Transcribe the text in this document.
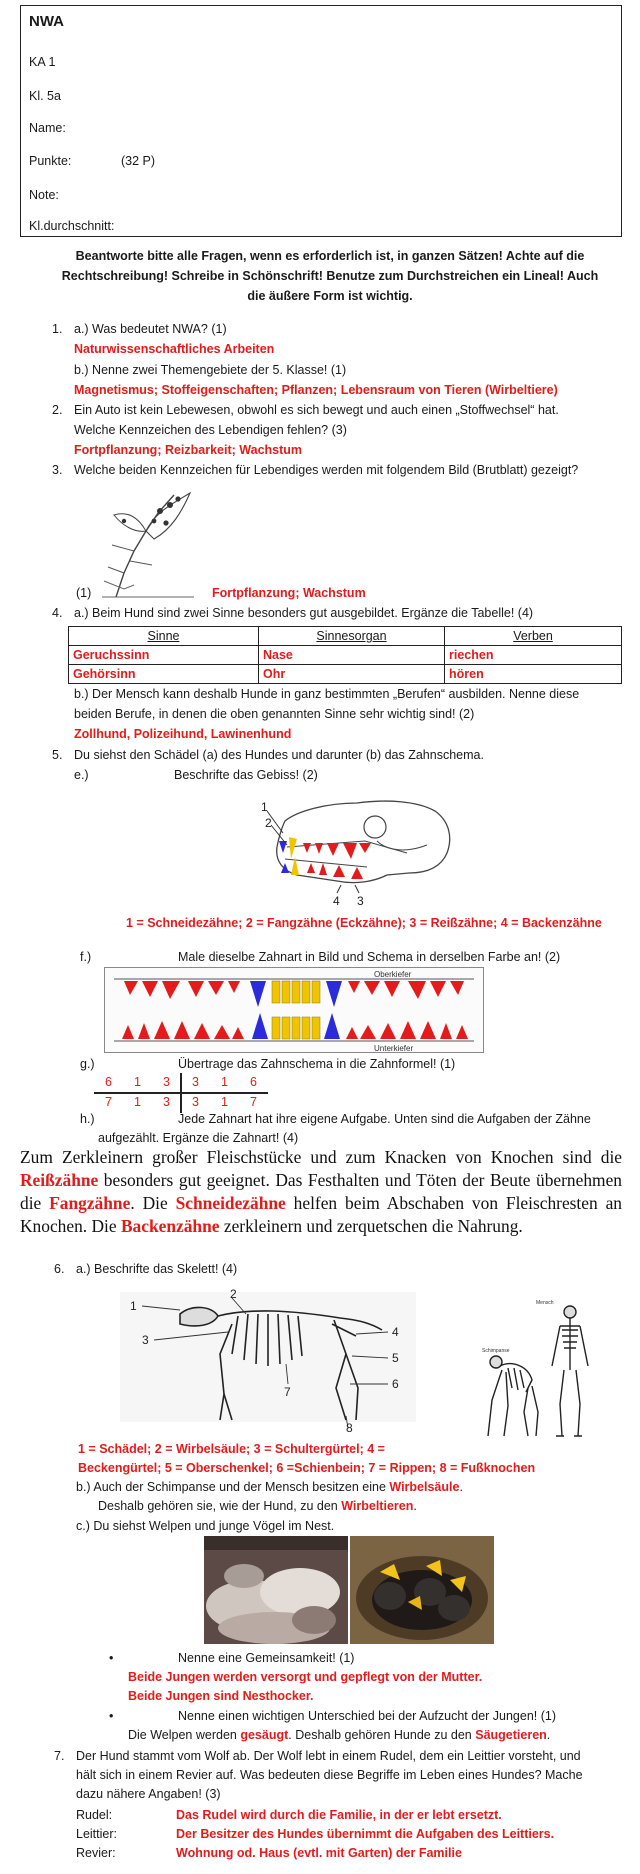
NWA
KA 1
Kl. 5a
Name:
Punkte:	(32 P)
Note:
Kl.durchschnitt:
Beantworte bitte alle Fragen, wenn es erforderlich ist, in ganzen Sätzen! Achte auf die Rechtschreibung! Schreibe in Schönschrift! Benutze zum Durchstreichen ein Lineal! Auch die äußere Form ist wichtig.
1. a.) Was bedeutet NWA? (1)
Naturwissenschaftliches Arbeiten
b.) Nenne zwei Themengebiete der 5. Klasse! (1)
Magnetismus; Stoffeigenschaften; Pflanzen; Lebensraum von Tieren (Wirbeltiere)
2. Ein Auto ist kein Lebewesen, obwohl es sich bewegt und auch einen „Stoffwechsel“ hat.
Welche Kennzeichen des Lebendigen fehlen? (3)
Fortpflanzung; Reizbarkeit; Wachstum
3. Welche beiden Kennzeichen für Lebendiges werden mit folgendem Bild (Brutblatt) gezeigt?
(1)	Fortpflanzung; Wachstum
4. a.) Beim Hund sind zwei Sinne besonders gut ausgebildet. Ergänze die Tabelle! (4)
Sinne	Sinnesorgan	Verben
Geruchssinn	Nase	riechen
Gehörsinn	Ohr	hören
b.) Der Mensch kann deshalb Hunde in ganz bestimmten „Berufen“ ausbilden. Nenne diese
beiden Berufe, in denen die oben genannten Sinne sehr wichtig sind! (2)
Zollhund, Polizeihund, Lawinenhund
5. Du siehst den Schädel (a) des Hundes und darunter (b) das Zahnschema.
e.)	Beschrifte das Gebiss! (2)
1
2
4 3
1 = Schneidezähne; 2 = Fangzähne (Eckzähne); 3 = Reißzähne; 4 = Backenzähne
f.)	Male dieselbe Zahnart in Bild und Schema in derselben Farbe an! (2)
Oberkiefer
Unterkiefer
g.)	Übertrage das Zahnschema in die Zahnformel! (1)
6	1	3	3	1	6
7	1	3	3	1	7
h.)	Jede Zahnart hat ihre eigene Aufgabe. Unten sind die Aufgaben der Zähne
aufgezählt. Ergänze die Zahnart! (4)
Zum Zerkleinern großer Fleischstücke und zum Knacken von Knochen sind die Reißzähne besonders gut geeignet. Das Festhalten und Töten der Beute übernehmen die Fangzähne. Die Schneidezähne helfen beim Abschaben von Fleischresten an Knochen. Die Backenzähne zerkleinern und zerquetschen die Nahrung.
6. a.) Beschrifte das Skelett! (4)
1
2
3
4
5
6
7
8
Mensch
Schimpanse
1 = Schädel; 2 = Wirbelsäule; 3 = Schultergürtel; 4 =
Beckengürtel; 5 = Oberschenkel; 6 =Schienbein; 7 = Rippen; 8 = Fußknochen
b.) Auch der Schimpanse und der Mensch besitzen eine Wirbelsäule.
Deshalb gehören sie, wie der Hund, zu den Wirbeltieren.
c.) Du siehst Welpen und junge Vögel im Nest.
•	Nenne eine Gemeinsamkeit! (1)
Beide Jungen werden versorgt und gepflegt von der Mutter.
Beide Jungen sind Nesthocker.
•	Nenne einen wichtigen Unterschied bei der Aufzucht der Jungen! (1)
Die Welpen werden gesäugt. Deshalb gehören Hunde zu den Säugetieren.
7. Der Hund stammt vom Wolf ab. Der Wolf lebt in einem Rudel, dem ein Leittier vorsteht, und
hält sich in einem Revier auf. Was bedeuten diese Begriffe im Leben eines Hundes? Mache
dazu nähere Angaben! (3)
Rudel:	Das Rudel wird durch die Familie, in der er lebt ersetzt.
Leittier:	Der Besitzer des Hundes übernimmt die Aufgaben des Leittiers.
Revier:	Wohnung od. Haus (evtl. mit Garten) der Familie
